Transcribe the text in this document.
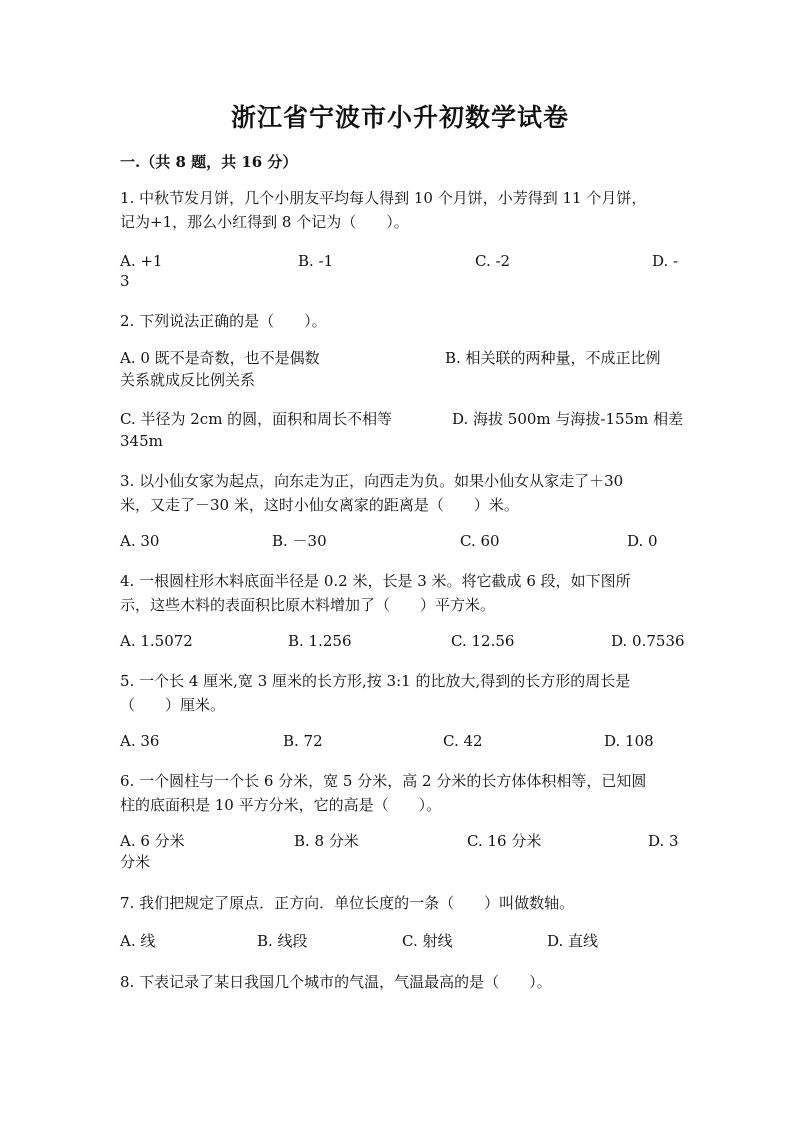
浙江省宁波市小升初数学试卷
一.（共 8 题，共 16 分）
1. 中秋节发月饼，几个小朋友平均每人得到 10 个月饼，小芳得到 11 个月饼，
记为+1，那么小红得到 8 个记为（　　）。
A. +1	B. -1	C. -2	D. -
3
2. 下列说法正确的是（　　）。
A. 0 既不是奇数，也不是偶数	B. 相关联的两种量，不成正比例
关系就成反比例关系
C. 半径为 2cm 的圆，面积和周长不相等	D. 海拔 500m 与海拔-155m 相差
345m
3. 以小仙女家为起点，向东走为正，向西走为负。如果小仙女从家走了＋30
米，又走了－30 米，这时小仙女离家的距离是（　　）米。
A. 30	B. －30	C. 60	D. 0
4. 一根圆柱形木料底面半径是 0.2 米，长是 3 米。将它截成 6 段，如下图所
示，这些木料的表面积比原木料增加了（　　）平方米。
A. 1.5072	B. 1.256	C. 12.56	D. 0.7536
5. 一个长 4 厘米,宽 3 厘米的长方形,按 3:1 的比放大,得到的长方形的周长是
（　　）厘米。
A. 36	B. 72	C. 42	D. 108
6. 一个圆柱与一个长 6 分米，宽 5 分米，高 2 分米的长方体体积相等，已知圆
柱的底面积是 10 平方分米，它的高是（　　）。
A. 6 分米	B. 8 分米	C. 16 分米	D. 3
分米
7. 我们把规定了原点．正方向．单位长度的一条（　　）叫做数轴。
A. 线	B. 线段	C. 射线	D. 直线
8. 下表记录了某日我国几个城市的气温，气温最高的是（　　）。
